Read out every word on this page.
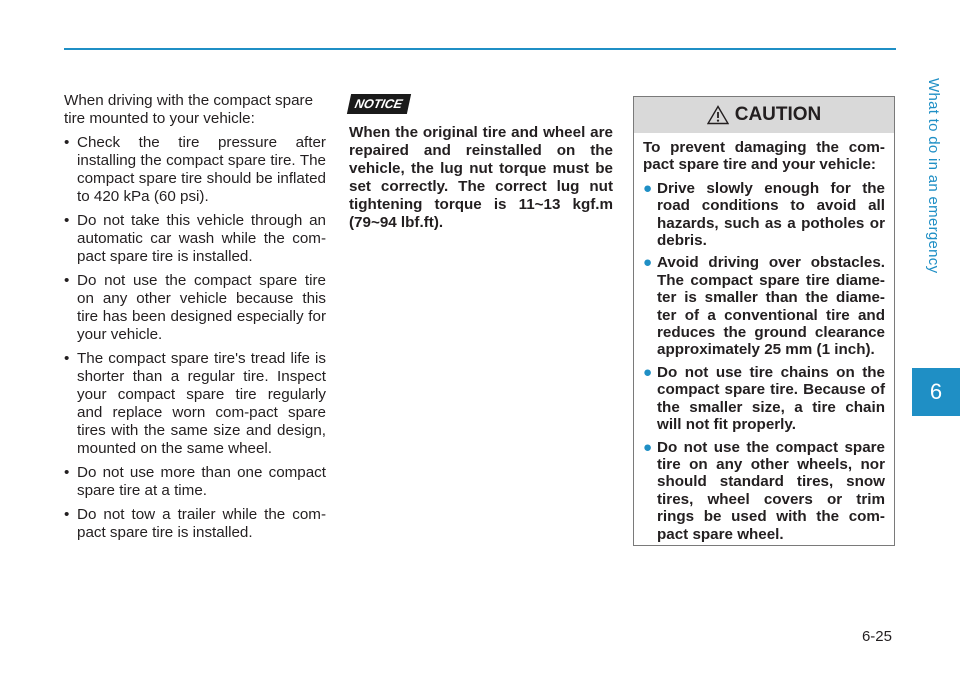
What to do in an emergency
6

When driving with the compact spare tire mounted to your vehicle:

• Check the tire pressure after installing the compact spare tire. The compact spare tire should be inflated to 420 kPa (60 psi).
• Do not take this vehicle through an automatic car wash while the com-pact spare tire is installed.
• Do not use the compact spare tire on any other vehicle because this tire has been designed especially for your vehicle.
• The compact spare tire's tread life is shorter than a regular tire. Inspect your compact spare tire regularly and replace worn com-pact spare tires with the same size and design, mounted on the same wheel.
• Do not use more than one compact spare tire at a time.
• Do not tow a trailer while the com-pact spare tire is installed.
NOTICE

When the original tire and wheel are repaired and reinstalled on the vehicle, the lug nut torque must be set correctly. The correct lug nut tightening torque is 11~13 kgf.m (79~94 lbf.ft).

CAUTION

To prevent damaging the com-pact spare tire and your vehicle:

● Drive slowly enough for the road conditions to avoid all hazards, such as a potholes or debris.
● Avoid driving over obstacles. The compact spare tire diame-ter is smaller than the diame-ter of a conventional tire and reduces the ground clearance approximately 25 mm (1 inch).
● Do not use tire chains on the compact spare tire. Because of the smaller size, a tire chain will not fit properly.
● Do not use the compact spare tire on any other wheels, nor should standard tires, snow tires, wheel covers or trim rings be used with the com-pact spare wheel.
6-25
